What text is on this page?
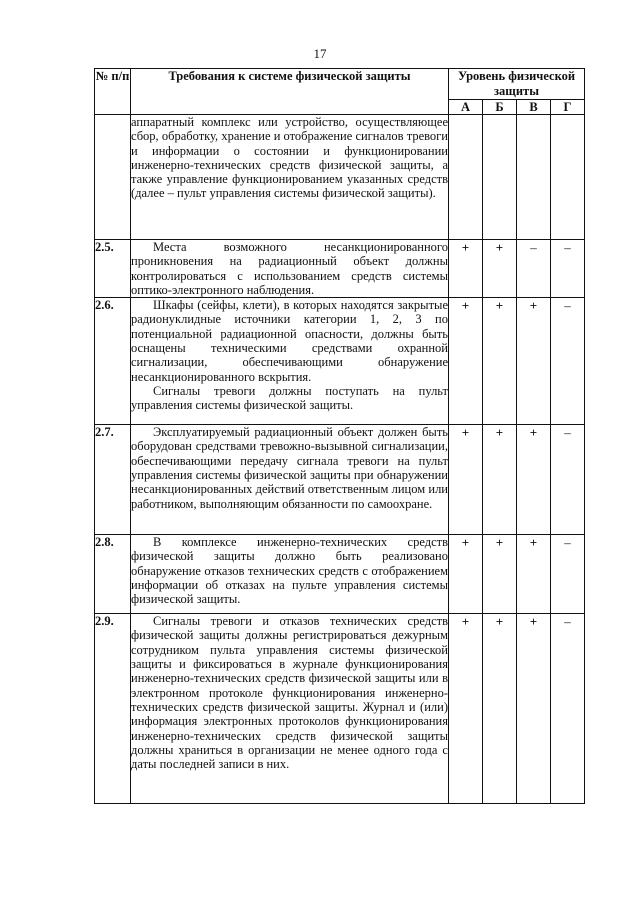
17
№ п/п	Требования к системе физической защиты	Уровень физической защиты			
		А	Б	В	Г

	аппаратный комплекс или устройство, осуществляющее сбор, обработку, хранение и отображение сигналов тревоги и информации о состоянии и функционировании инженерно-технических средств физической защиты, а также управление функционированием указанных средств (далее – пульт управления системы физической защиты).				

2.5.	Места возможного несанкционированного проникновения на радиационный объект должны контролироваться с использованием средств системы оптико-электронного наблюдения.	+	+	–	–
2.6.	Шкафы (сейфы, клети), в которых находятся закрытые радионуклидные источники категории 1, 2, 3 по потенциальной радиационной опасности, должны быть оснащены техническими средствами охранной сигнализации, обеспечивающими обнаружение несанкционированного вскрытия.

Сигналы тревоги должны поступать на пульт управления системы физической защиты.	+	+	+	–
2.7.	Эксплуатируемый радиационный объект должен быть оборудован средствами тревожно-вызывной сигнализации, обеспечивающими передачу сигнала тревоги на пульт управления системы физической защиты при обнаружении несанкционированных действий ответственным лицом или работником, выполняющим обязанности по самоохране.	+	+	+	–
2.8.	В комплексе инженерно-технических средств физической защиты должно быть реализовано обнаружение отказов технических средств с отображением информации об отказах на пульте управления системы физической защиты.	+	+	+	–
2.9.	Сигналы тревоги и отказов технических средств физической защиты должны регистрироваться дежурным сотрудником пульта управления системы физической защиты и фиксироваться в журнале функционирования инженерно-технических средств физической защиты или в электронном протоколе функционирования инженерно-технических средств физической защиты. Журнал и (или) информация электронных протоколов функционирования инженерно-технических средств физической защиты должны храниться в организации не менее одного года с даты последней записи в них.	+	+	+	–
